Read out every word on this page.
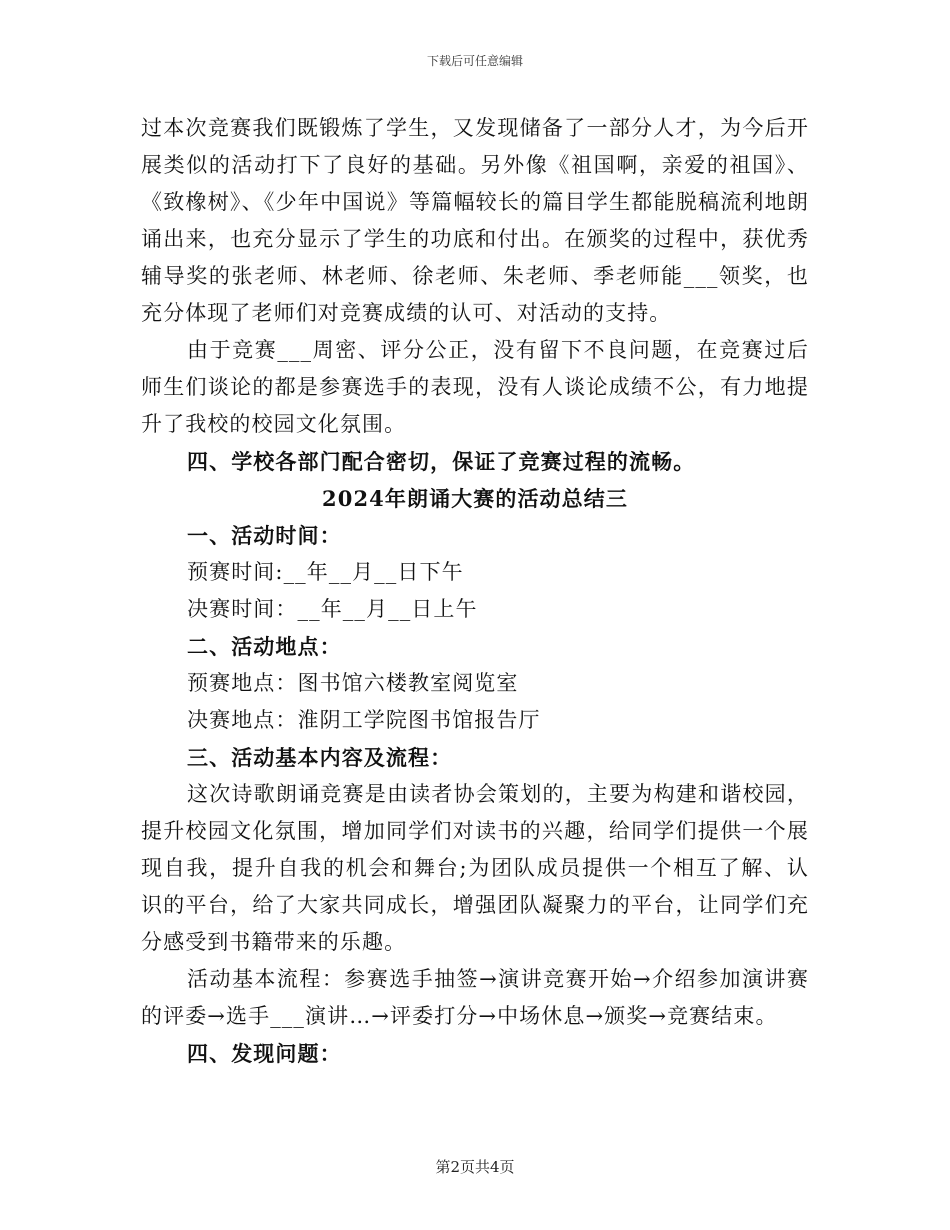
下载后可任意编辑

过本次竞赛我们既锻炼了学生，又发现储备了一部分人才，为今后开展类似的活动打下了良好的基础。另外像《祖国啊，亲爱的祖国》、《致橡树》、《少年中国说》等篇幅较长的篇目学生都能脱稿流利地朗诵出来，也充分显示了学生的功底和付出。在颁奖的过程中，获优秀辅导奖的张老师、林老师、徐老师、朱老师、季老师能___领奖，也充分体现了老师们对竞赛成绩的认可、对活动的支持。

由于竞赛___周密、评分公正，没有留下不良问题，在竞赛过后师生们谈论的都是参赛选手的表现，没有人谈论成绩不公，有力地提升了我校的校园文化氛围。

四、学校各部门配合密切，保证了竞赛过程的流畅。

2024年朗诵大赛的活动总结三

一、活动时间：

预赛时间:__年__月__日下午

决赛时间：__年__月__日上午

二、活动地点：

预赛地点：图书馆六楼教室阅览室

决赛地点：淮阴工学院图书馆报告厅

三、活动基本内容及流程：

这次诗歌朗诵竞赛是由读者协会策划的，主要为构建和谐校园，提升校园文化氛围，增加同学们对读书的兴趣，给同学们提供一个展现自我，提升自我的机会和舞台;为团队成员提供一个相互了解、认识的平台，给了大家共同成长，增强团队凝聚力的平台，让同学们充分感受到书籍带来的乐趣。

活动基本流程：参赛选手抽签→演讲竞赛开始→介绍参加演讲赛的评委→选手___演讲…→评委打分→中场休息→颁奖→竞赛结束。

四、发现问题：

第2页共4页
